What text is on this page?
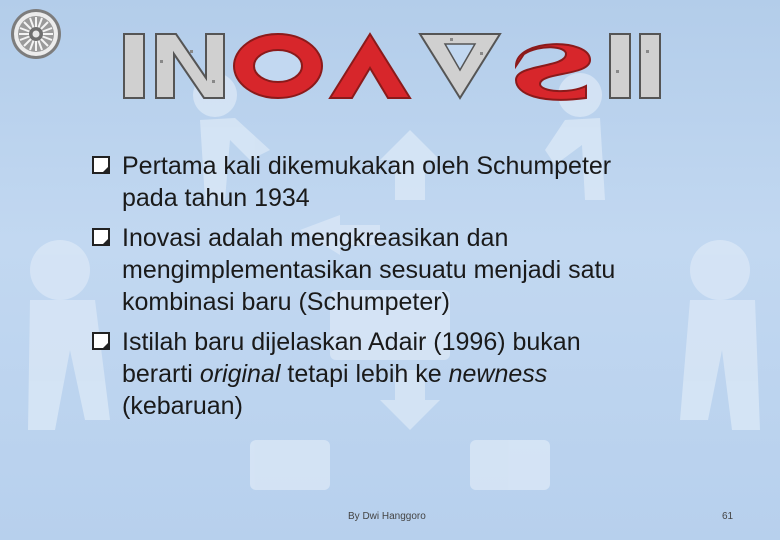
Pertama kali dikemukakan oleh Schumpeter
pada tahun 1934
Inovasi adalah mengkreasikan dan
mengimplementasikan sesuatu menjadi satu
kombinasi baru (Schumpeter)
Istilah baru dijelaskan Adair (1996) bukan
berarti original tetapi lebih ke newness
(kebaruan)
By Dwi Hanggoro	61
